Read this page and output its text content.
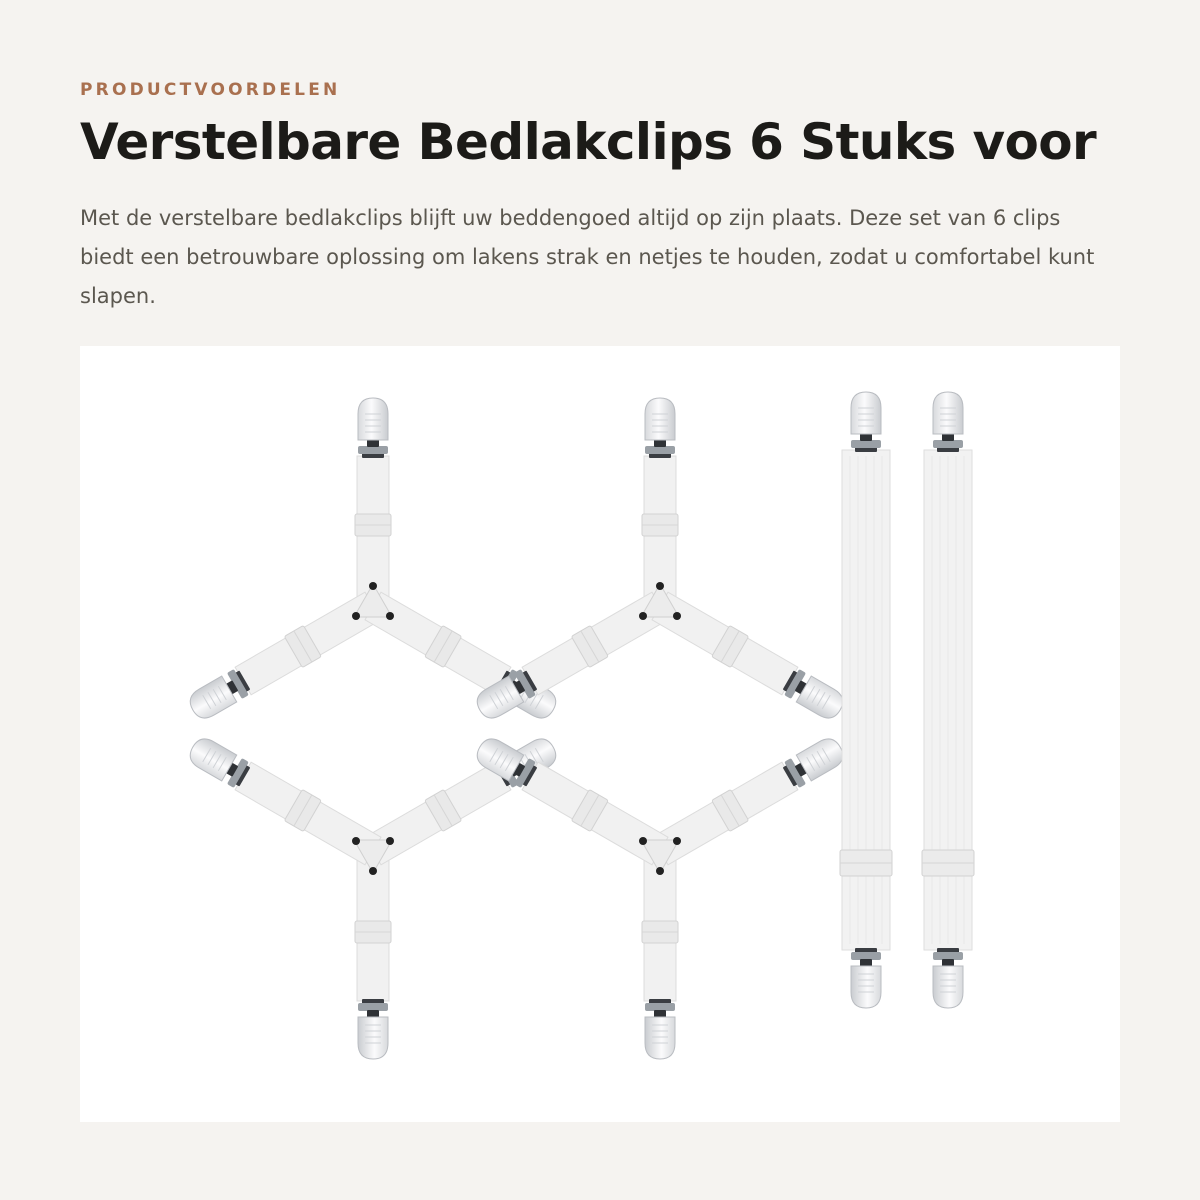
PRODUCTVOORDELEN

Verstelbare Bedlakclips 6 Stuks voor

Met de verstelbare bedlakclips blijft uw beddengoed altijd op zijn plaats. Deze set van 6 clips biedt een betrouwbare oplossing om lakens strak en netjes te houden, zodat u comfortabel kunt slapen.
